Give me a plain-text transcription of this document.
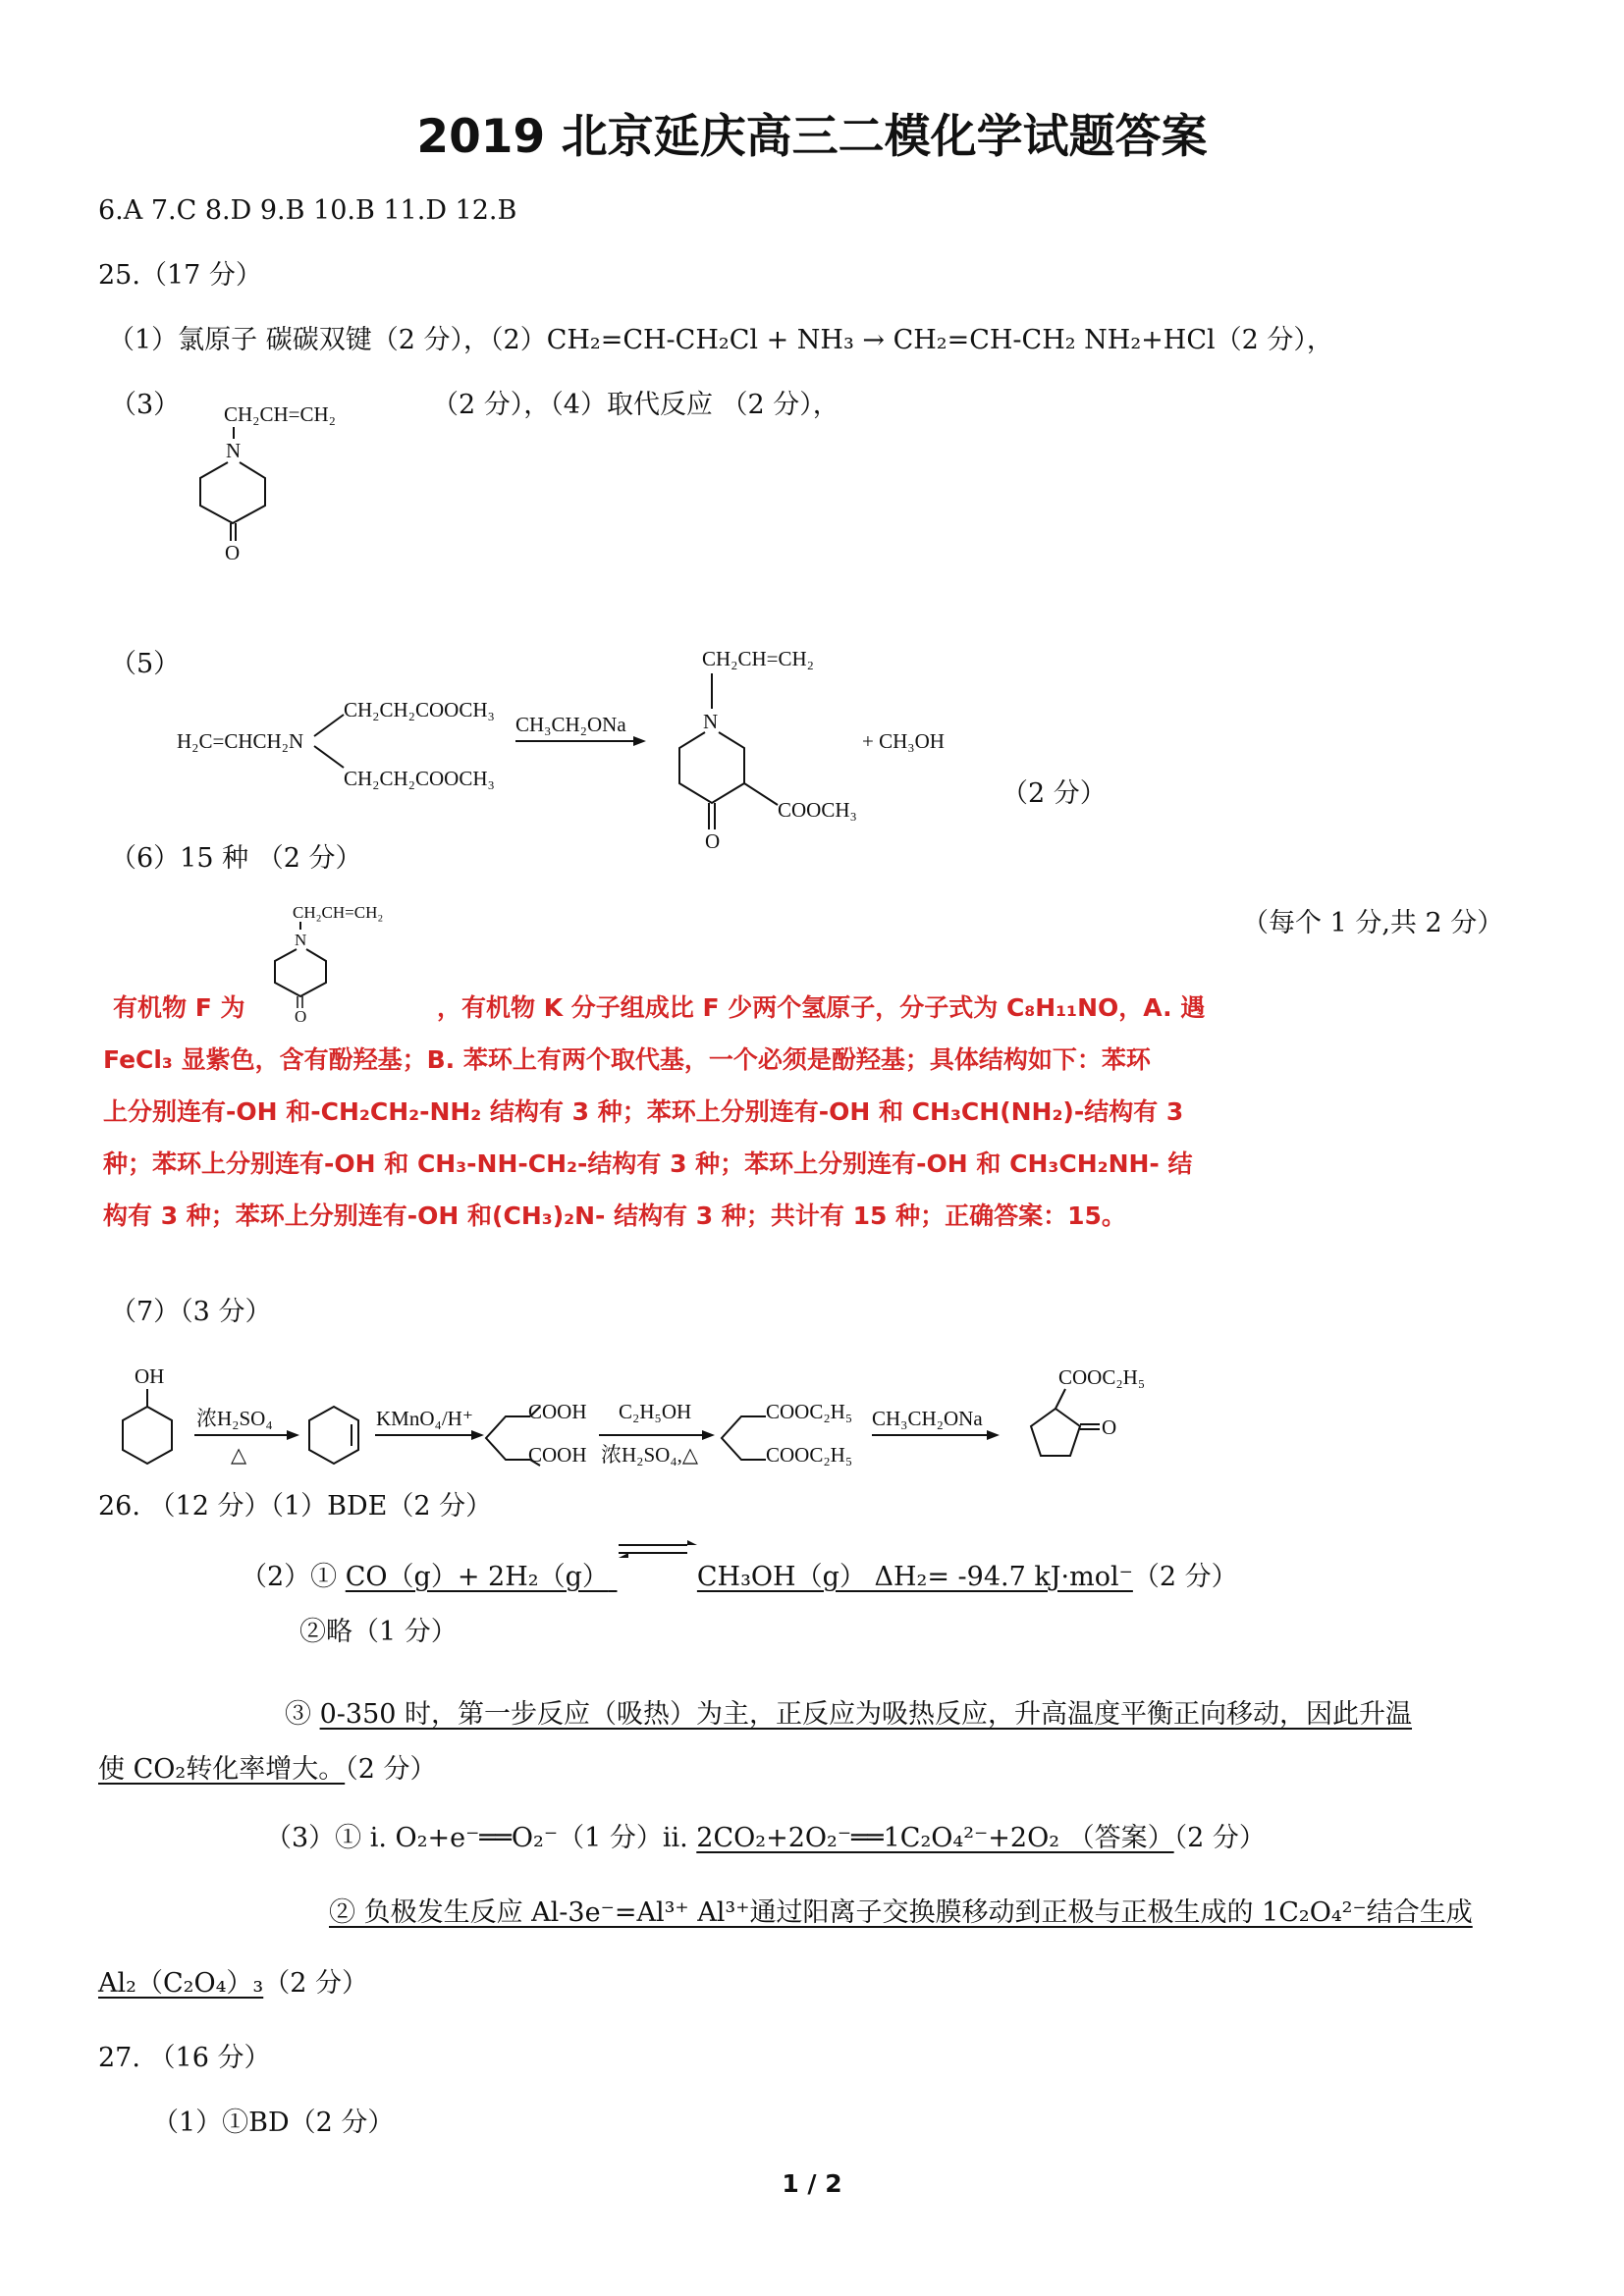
2019 北京延庆高三二模化学试题答案
6.A 7.C 8.D 9.B 10.B 11.D 12.B
25.（17 分）
（1）氯原子 碳碳双键（2 分），（2）CH₂=CH-CH₂Cl + NH₃ → CH₂=CH-CH₂ NH₂+HCl（2 分），
（3）	（2 分），（4）取代反应 （2 分），
CH₂CH=CH₂
N
O
（5）
H₂C=CHCH₂N
CH₂CH₂COOCH₃
CH₂CH₂COOCH₃
CH₃CH₂ONa
CH₂CH=CH₂
N
COOCH₃
O
+ CH₃OH
（2 分）
（6）15 种 （2 分）
（每个 1 分,共 2 分）
CH₂CH=CH₂
N
O
有机物 F 为	，有机物 K 分子组成比 F 少两个氢原子，分子式为 C₈H₁₁NO，A. 遇
FeCl₃ 显紫色，含有酚羟基；B. 苯环上有两个取代基，一个必须是酚羟基；具体结构如下：苯环
上分别连有-OH 和-CH₂CH₂-NH₂ 结构有 3 种；苯环上分别连有-OH 和 CH₃CH(NH₂)-结构有 3
种；苯环上分别连有-OH 和 CH₃-NH-CH₂-结构有 3 种；苯环上分别连有-OH 和 CH₃CH₂NH- 结
构有 3 种；苯环上分别连有-OH 和(CH₃)₂N- 结构有 3 种；共计有 15 种；正确答案：15。
（7）（3 分）
OH
浓H₂SO₄
△
KMnO₄/H⁺	COOH
COOH
C₂H₅OH
浓H₂SO₄,△
COOC₂H₅
COOC₂H₅
CH₃CH₂ONa
COOC₂H₅
O
26. （12 分）（1）BDE（2 分）
（2）① CO（g）+ 2H₂（g）⇌CH₃OH（g） ΔH₂= -94.7 kJ·mol⁻（2 分）
②略（1 分）
③ 0-350 时，第一步反应（吸热）为主，正反应为吸热反应，升高温度平衡正向移动，因此升温
使 CO₂转化率增大。（2 分）
（3）① i. O₂+e⁻══O₂⁻（1 分）ii. 2CO₂+2O₂⁻══1C₂O₄²⁻+2O₂ （答案）（2 分）
② 负极发生反应 Al-3e⁻=Al³⁺ Al³⁺通过阳离子交换膜移动到正极与正极生成的 1C₂O₄²⁻结合生成
Al₂（C₂O₄）₃（2 分）
27. （16 分）
（1）①BD（2 分）
1 / 2
